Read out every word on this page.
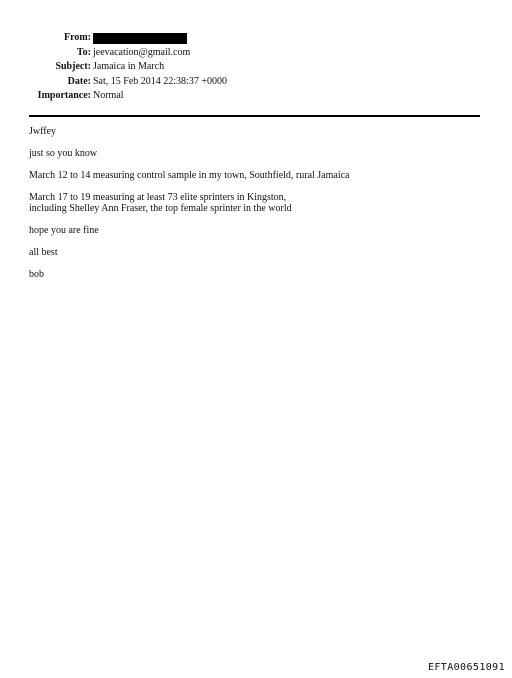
From:
To: jeevacation@gmail.com
Subject: Jamaica in March
Date: Sat, 15 Feb 2014 22:38:37 +0000
Importance: Normal

Jwffey

just so you know

March 12 to 14 measuring control sample in my town, Southfield, rural Jamaica

March 17 to 19 measuring at least 73 elite sprinters in Kingston,
including Shelley Ann Fraser, the top female sprinter in the world

hope you are fine

all best

bob

EFTA00651091
